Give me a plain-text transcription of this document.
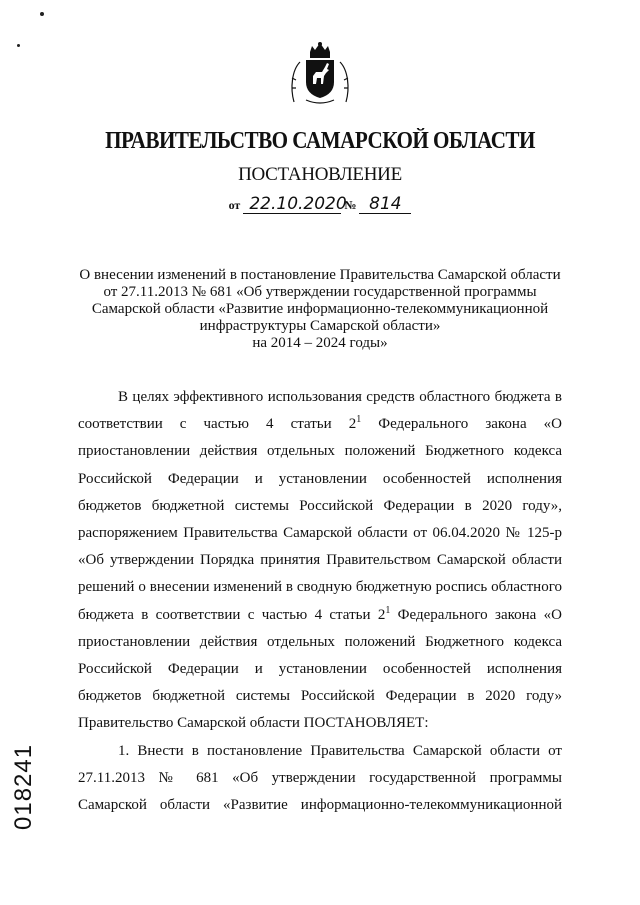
ПРАВИТЕЛЬСТВО САМАРСКОЙ ОБЛАСТИ
ПОСТАНОВЛЕНИЕ
от 22.10.2020 № 814
О внесении изменений в постановление Правительства Самарской области
от 27.11.2013 № 681 «Об утверждении государственной программы
Самарской области «Развитие информационно-телекоммуникационной
инфраструктуры Самарской области»
на 2014 – 2024 годы»

В целях эффективного использования средств областного бюджета в соответствии с частью 4 статьи $2^1$ Федерального закона «О приостановлении действия отдельных положений Бюджетного кодекса Российской Федерации и установлении особенностей исполнения бюджетов бюджетной системы Российской Федерации в 2020 году», распоряжением Правительства Самарской области от 06.04.2020 № 125-р «Об утверждении Порядка принятия Правительством Самарской области решений о внесении изменений в сводную бюджетную роспись областного бюджета в соответствии с частью 4 статьи $2^1$ Федерального закона «О приостановлении действия отдельных положений Бюджетного кодекса Российской Федерации и установлении особенностей исполнения бюджетов бюджетной системы Российской Федерации в 2020 году» Правительство Самарской области ПОСТАНОВЛЯЕТ:

1. Внести в постановление Правительства Самарской области от 27.11.2013 № 681 «Об утверждении государственной программы Самарской области «Развитие информационно-телекоммуникационной

018241
